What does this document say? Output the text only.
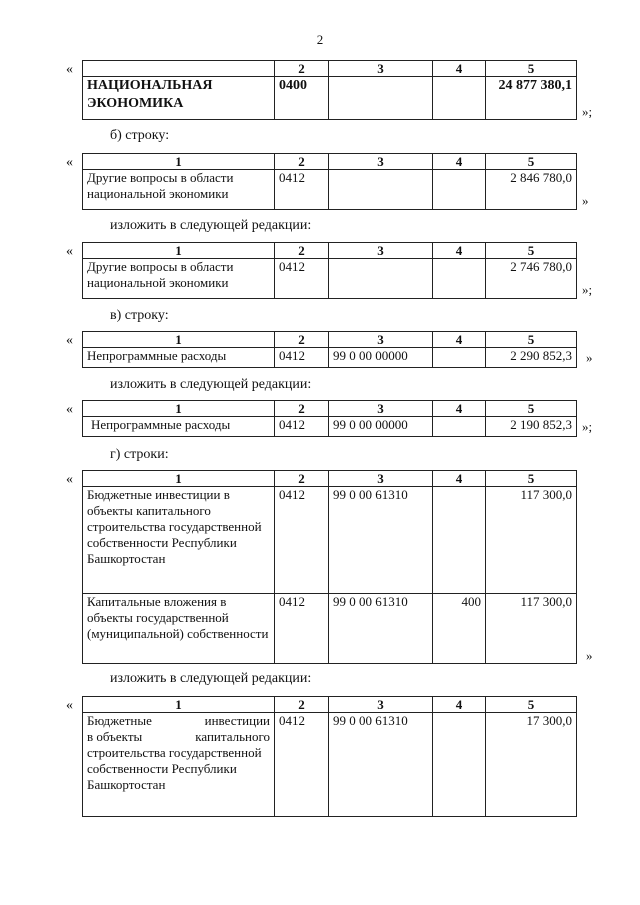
2
«
		2	3	4	5
НАЦИОНАЛЬНАЯ ЭКОНОМИКА	0400			24 877 380,1
»;
б) строку:
«	1	2	3	4	5
Другие вопросы в области национальной экономики	0412			2 846 780,0
»
изложить в следующей редакции:
«	1	2	3	4	5
Другие вопросы в области национальной экономики	0412			2 746 780,0
»;
в) строку:
«	1	2	3	4	5
Непрограммные расходы	0412	99 0 00 00000		2 290 852,3 »
изложить в следующей редакции:
«	1	2	3	4	5
Непрограммные расходы	0412	99 0 00 00000		2 190 852,3 »;
г) строки:
«	1	2	3	4	5
Бюджетные инвестиции в объекты капитального строительства государственной собственности Республики Башкортостан	0412	99 0 00 61310		117 300,0
Капитальные вложения в объекты государственной (муниципальной) собственности	0412	99 0 00 61310	400	117 300,0
»
изложить в следующей редакции:
«	1	2	3	4	5

Бюджетные инвестиции
в объекты капитального
строительства государственной собственности Республики Башкортостан	0412	99 0 00 61310		17 300,0
